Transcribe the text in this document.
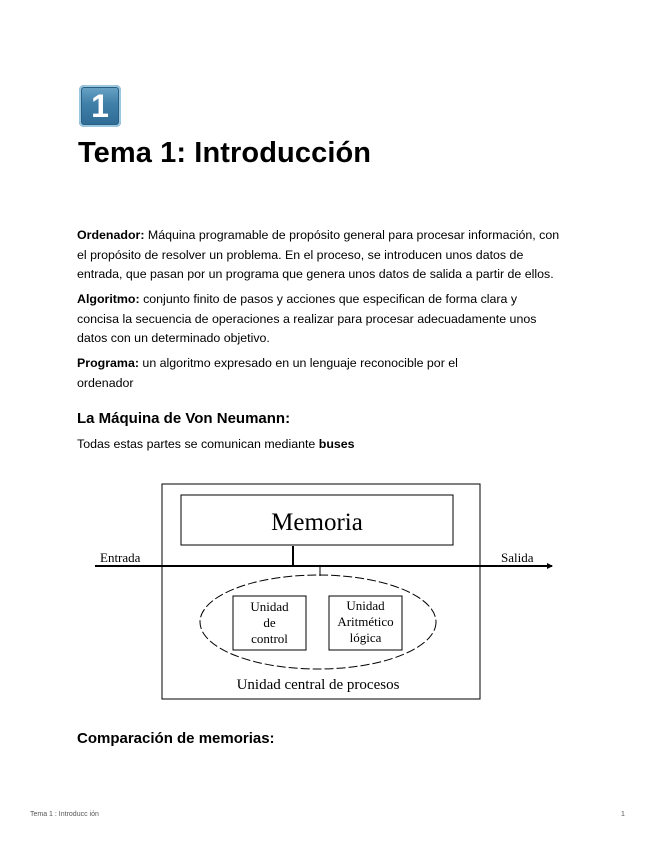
1
Tema 1: Introducción

Ordenador: Máquina programable de propósito general para procesar información, con
el propósito de resolver un problema. En el proceso, se introducen unos datos de
entrada, que pasan por un programa que genera unos datos de salida a partir de ellos.

Algoritmo: conjunto finito de pasos y acciones que especifican de forma clara y
concisa la secuencia de operaciones a realizar para procesar adecuadamente unos
datos con un determinado objetivo.

Programa: un algoritmo expresado en un lenguaje reconocible por el
ordenador

La Máquina de Von Neumann:

Todas estas partes se comunican mediante buses

Memoria
Entrada	Salida
Unidad
de
control
Unidad
Aritmético
lógica
Unidad central de procesos
Comparación de memorias:
Tema 1 : Introducc ión	1
